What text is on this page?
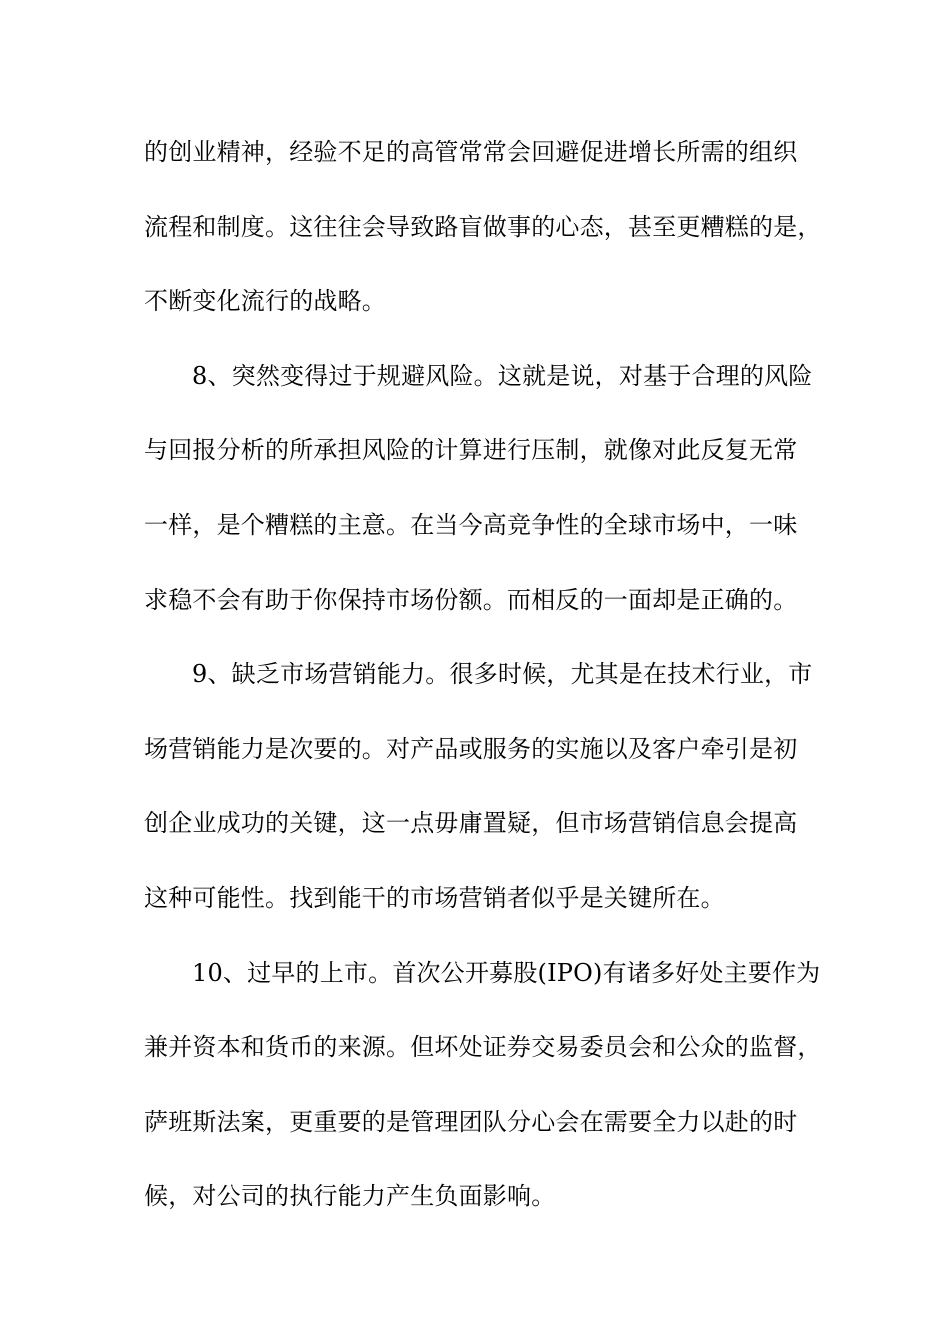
的创业精神，经验不足的高管常常会回避促进增长所需的组织
流程和制度。这往往会导致路盲做事的心态，甚至更糟糕的是，
不断变化流行的战略。
8、突然变得过于规避风险。这就是说，对基于合理的风险
与回报分析的所承担风险的计算进行压制，就像对此反复无常
一样，是个糟糕的主意。在当今高竞争性的全球市场中，一味
求稳不会有助于你保持市场份额。而相反的一面却是正确的。
9、缺乏市场营销能力。很多时候，尤其是在技术行业，市
场营销能力是次要的。对产品或服务的实施以及客户牵引是初
创企业成功的关键，这一点毋庸置疑，但市场营销信息会提高
这种可能性。找到能干的市场营销者似乎是关键所在。
10、过早的上市。首次公开募股(IPO)有诸多好处主要作为
兼并资本和货币的来源。但坏处证券交易委员会和公众的监督，
萨班斯法案，更重要的是管理团队分心会在需要全力以赴的时
候，对公司的执行能力产生负面影响。
